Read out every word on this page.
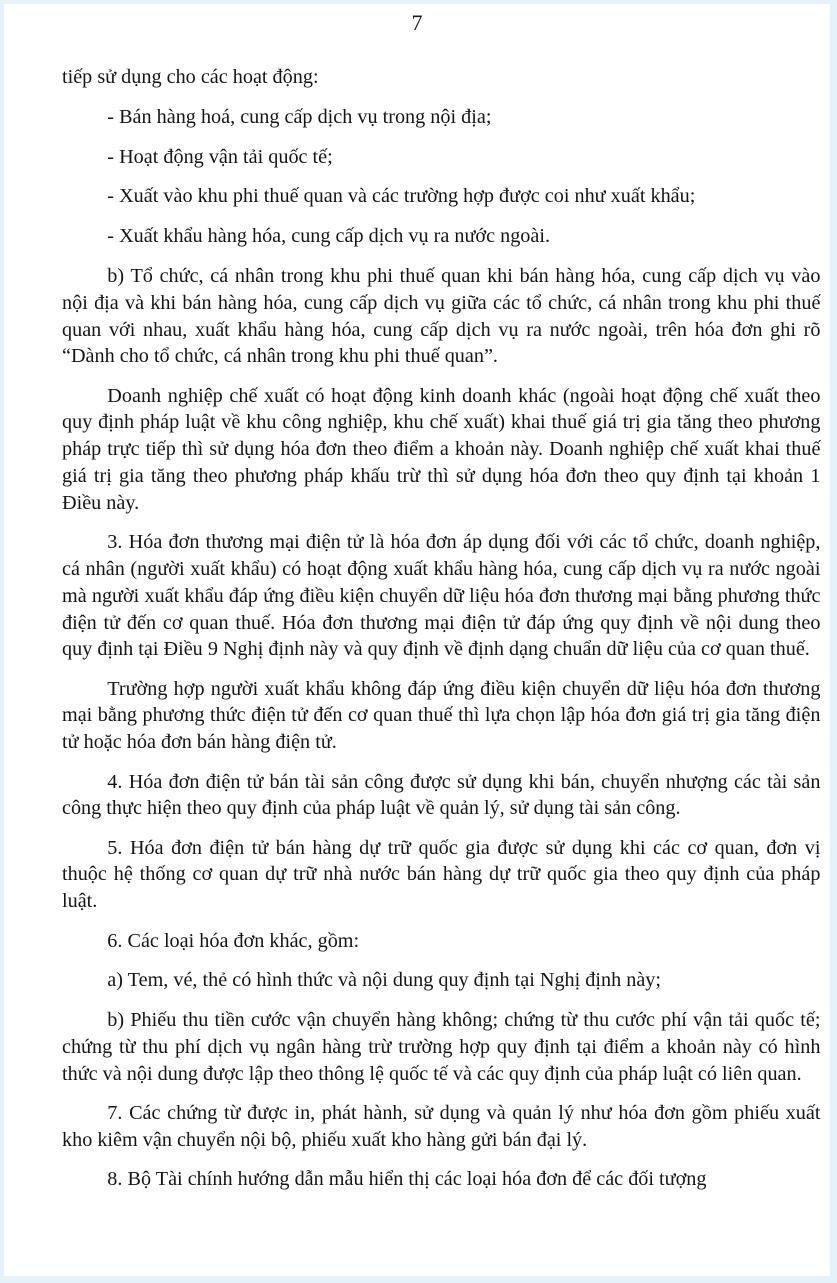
7

tiếp sử dụng cho các hoạt động:

- Bán hàng hoá, cung cấp dịch vụ trong nội địa;

- Hoạt động vận tải quốc tế;

- Xuất vào khu phi thuế quan và các trường hợp được coi như xuất khẩu;

- Xuất khẩu hàng hóa, cung cấp dịch vụ ra nước ngoài.

b) Tổ chức, cá nhân trong khu phi thuế quan khi bán hàng hóa, cung cấp dịch vụ vào nội địa và khi bán hàng hóa, cung cấp dịch vụ giữa các tổ chức, cá nhân trong khu phi thuế quan với nhau, xuất khẩu hàng hóa, cung cấp dịch vụ ra nước ngoài, trên hóa đơn ghi rõ “Dành cho tổ chức, cá nhân trong khu phi thuế quan”.

Doanh nghiệp chế xuất có hoạt động kinh doanh khác (ngoài hoạt động chế xuất theo quy định pháp luật về khu công nghiệp, khu chế xuất) khai thuế giá trị gia tăng theo phương pháp trực tiếp thì sử dụng hóa đơn theo điểm a khoản này. Doanh nghiệp chế xuất khai thuế giá trị gia tăng theo phương pháp khấu trừ thì sử dụng hóa đơn theo quy định tại khoản 1 Điều này.

3. Hóa đơn thương mại điện tử là hóa đơn áp dụng đối với các tổ chức, doanh nghiệp, cá nhân (người xuất khẩu) có hoạt động xuất khẩu hàng hóa, cung cấp dịch vụ ra nước ngoài mà người xuất khẩu đáp ứng điều kiện chuyển dữ liệu hóa đơn thương mại bằng phương thức điện tử đến cơ quan thuế. Hóa đơn thương mại điện tử đáp ứng quy định về nội dung theo quy định tại Điều 9 Nghị định này và quy định về định dạng chuẩn dữ liệu của cơ quan thuế.

Trường hợp người xuất khẩu không đáp ứng điều kiện chuyển dữ liệu hóa đơn thương mại bằng phương thức điện tử đến cơ quan thuế thì lựa chọn lập hóa đơn giá trị gia tăng điện tử hoặc hóa đơn bán hàng điện tử.

4. Hóa đơn điện tử bán tài sản công được sử dụng khi bán, chuyển nhượng các tài sản công thực hiện theo quy định của pháp luật về quản lý, sử dụng tài sản công.

5. Hóa đơn điện tử bán hàng dự trữ quốc gia được sử dụng khi các cơ quan, đơn vị thuộc hệ thống cơ quan dự trữ nhà nước bán hàng dự trữ quốc gia theo quy định của pháp luật.

6. Các loại hóa đơn khác, gồm:

a) Tem, vé, thẻ có hình thức và nội dung quy định tại Nghị định này;

b) Phiếu thu tiền cước vận chuyển hàng không; chứng từ thu cước phí vận tải quốc tế; chứng từ thu phí dịch vụ ngân hàng trừ trường hợp quy định tại điểm a khoản này có hình thức và nội dung được lập theo thông lệ quốc tế và các quy định của pháp luật có liên quan.

7. Các chứng từ được in, phát hành, sử dụng và quản lý như hóa đơn gồm phiếu xuất kho kiêm vận chuyển nội bộ, phiếu xuất kho hàng gửi bán đại lý.

8. Bộ Tài chính hướng dẫn mẫu hiển thị các loại hóa đơn để các đối tượng
